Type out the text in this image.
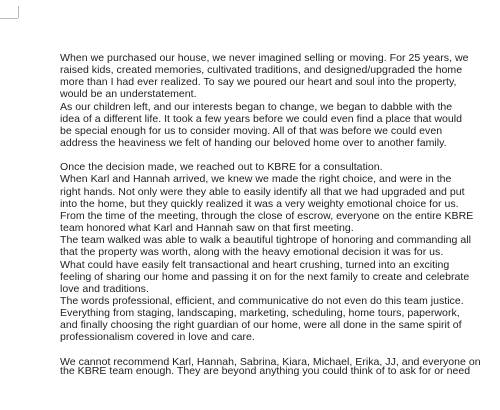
When we purchased our house, we never imagined selling or moving. For 25 years, we
raised kids, created memories, cultivated traditions, and designed/upgraded the home
more than I had ever realized. To say we poured our heart and soul into the property,
would be an understatement.
As our children left, and our interests began to change, we began to dabble with the
idea of a different life. It took a few years before we could even find a place that would
be special enough for us to consider moving. All of that was before we could even
address the heaviness we felt of handing our beloved home over to another family.
Once the decision made, we reached out to KBRE for a consultation.
When Karl and Hannah arrived, we knew we made the right choice, and were in the
right hands. Not only were they able to easily identify all that we had upgraded and put
into the home, but they quickly realized it was a very weighty emotional choice for us.
From the time of the meeting, through the close of escrow, everyone on the entire KBRE
team honored what Karl and Hannah saw on that first meeting.
The team walked was able to walk a beautiful tightrope of honoring and commanding all
that the property was worth, along with the heavy emotional decision it was for us.
What could have easily felt transactional and heart crushing, turned into an exciting
feeling of sharing our home and passing it on for the next family to create and celebrate
love and traditions.
The words professional, efficient, and communicative do not even do this team justice.
Everything from staging, landscaping, marketing, scheduling, home tours, paperwork,
and finally choosing the right guardian of our home, were all done in the same spirit of
professionalism covered in love and care.
We cannot recommend Karl, Hannah, Sabrina, Kiara, Michael, Erika, JJ, and everyone on
the KBRE team enough. They are beyond anything you could think of to ask for or need
